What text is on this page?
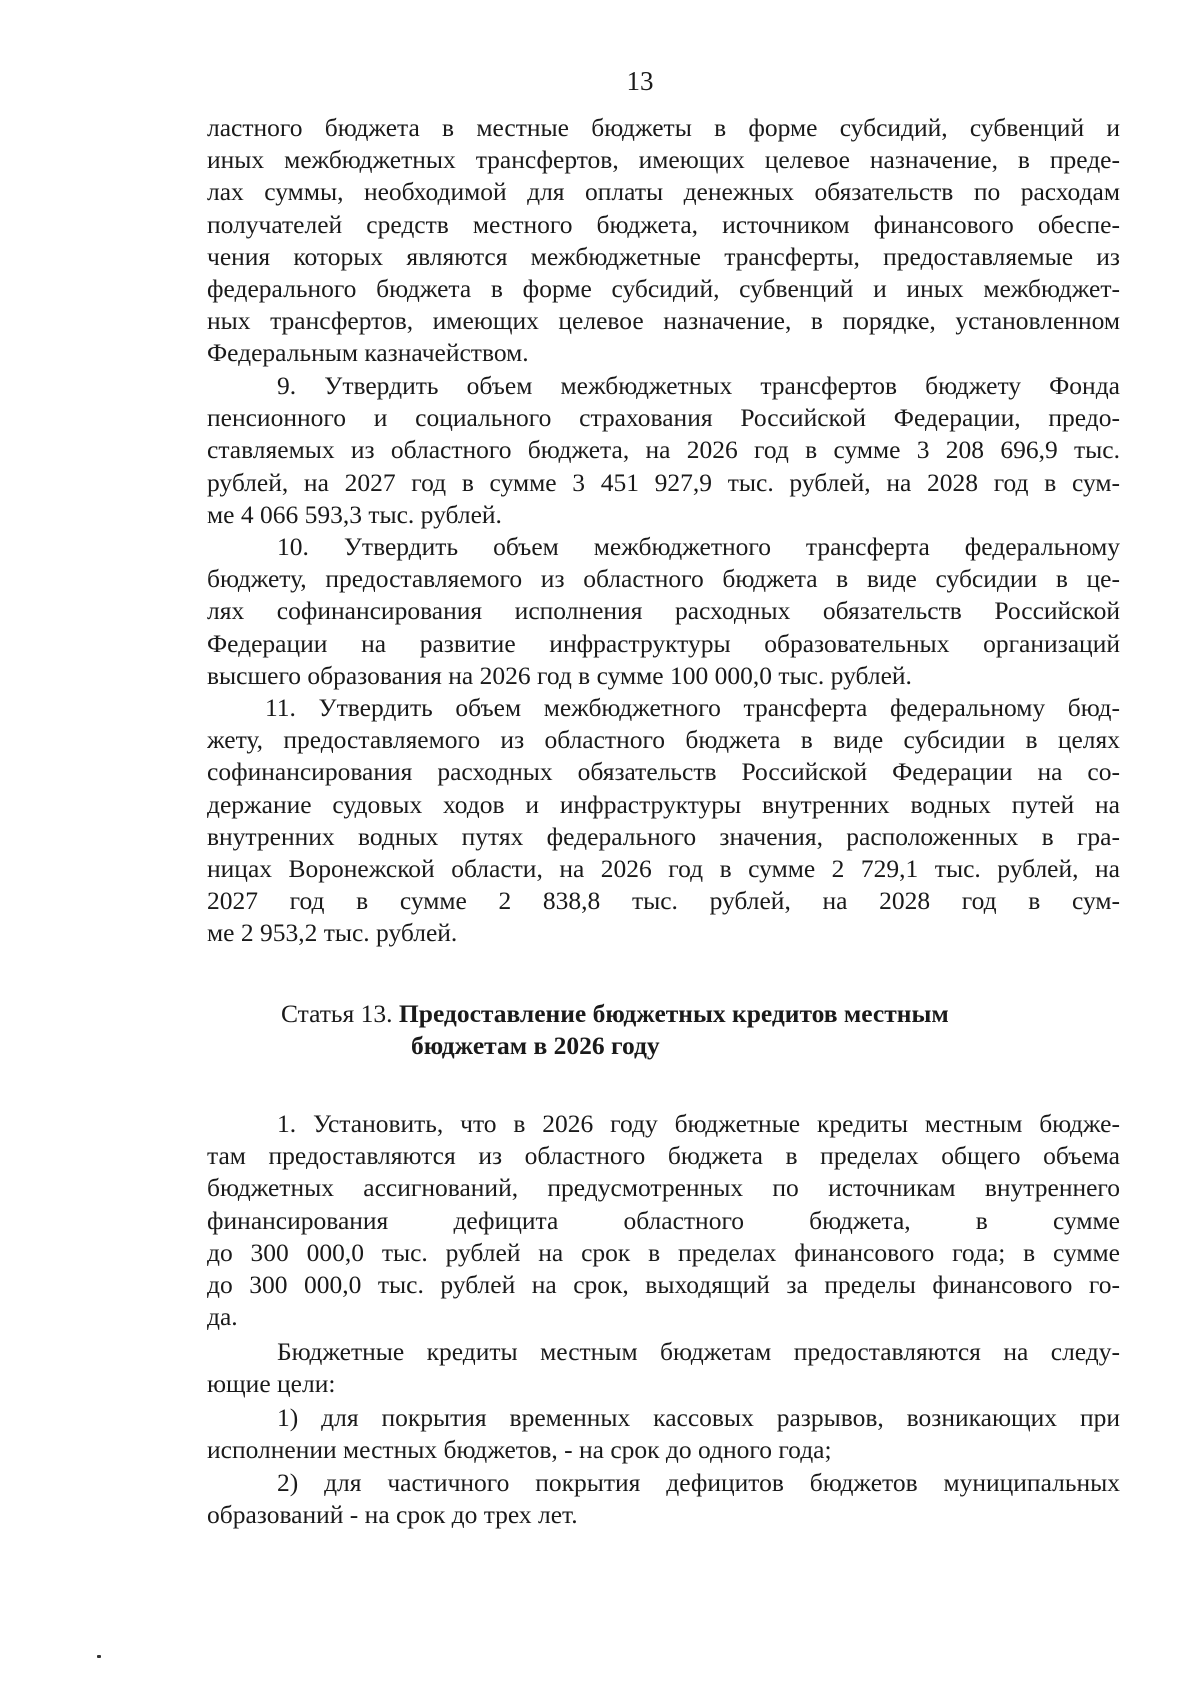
13
ластного бюджета в местные бюджеты в форме субсидий, субвенций и
иных межбюджетных трансфертов, имеющих целевое назначение, в преде-
лах суммы, необходимой для оплаты денежных обязательств по расходам
получателей средств местного бюджета, источником финансового обеспе-
чения которых являются межбюджетные трансферты, предоставляемые из
федерального бюджета в форме субсидий, субвенций и иных межбюджет-
ных трансфертов, имеющих целевое назначение, в порядке, установленном
Федеральным казначейством.
9. Утвердить объем межбюджетных трансфертов бюджету Фонда
пенсионного и социального страхования Российской Федерации, предо-
ставляемых из областного бюджета, на 2026 год в сумме 3 208 696,9 тыс.
рублей, на 2027 год в сумме 3 451 927,9 тыс. рублей, на 2028 год в сум-
ме 4 066 593,3 тыс. рублей.
10. Утвердить объем межбюджетного трансферта федеральному
бюджету, предоставляемого из областного бюджета в виде субсидии в це-
лях софинансирования исполнения расходных обязательств Российской
Федерации на развитие инфраструктуры образовательных организаций
высшего образования на 2026 год в сумме 100 000,0 тыс. рублей.
11. Утвердить объем межбюджетного трансферта федеральному бюд-
жету, предоставляемого из областного бюджета в виде субсидии в целях
софинансирования расходных обязательств Российской Федерации на со-
держание судовых ходов и инфраструктуры внутренних водных путей на
внутренних водных путях федерального значения, расположенных в гра-
ницах Воронежской области, на 2026 год в сумме 2 729,1 тыс. рублей, на
2027 год в сумме 2 838,8 тыс. рублей, на 2028 год в сум-
ме 2 953,2 тыс. рублей.
Статья 13. Предоставление бюджетных кредитов местным
бюджетам в 2026 году
1. Установить, что в 2026 году бюджетные кредиты местным бюдже-
там предоставляются из областного бюджета в пределах общего объема
бюджетных ассигнований, предусмотренных по источникам внутреннего
финансирования дефицита областного бюджета, в сумме
до 300 000,0 тыс. рублей на срок в пределах финансового года; в сумме
до 300 000,0 тыс. рублей на срок, выходящий за пределы финансового го-
да.
Бюджетные кредиты местным бюджетам предоставляются на следу-
ющие цели:
1) для покрытия временных кассовых разрывов, возникающих при
исполнении местных бюджетов, - на срок до одного года;
2) для частичного покрытия дефицитов бюджетов муниципальных
образований - на срок до трех лет.
